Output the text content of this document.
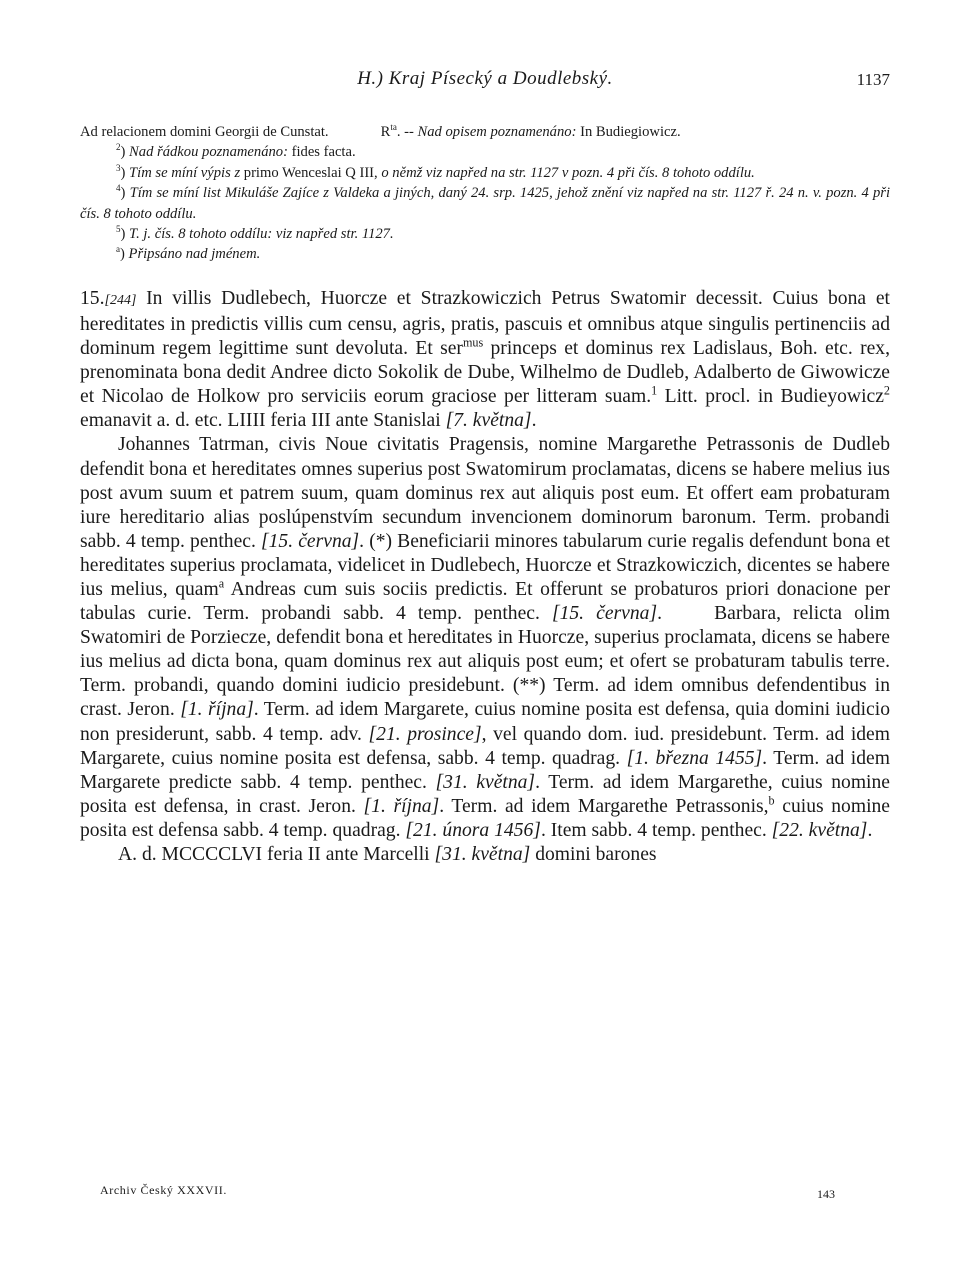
H.) Kraj Písecký a Doudlebský.	1137

Ad relacionem domini Georgii de Cunstat.	$R^{ta}$. -- Nad opisem poznamenáno: In Budiegiowicz.

$^2$) Nad řádkou poznamenáno: fides facta.

$^3$) Tím se míní výpis z primo Wenceslai Q III, o němž viz napřed na str. 1127 v pozn. 4 při čís. 8 tohoto oddílu.

$^4$) Tím se míní list Mikuláše Zajíce z Valdeka a jiných, daný 24. srp. 1425, jehož znění viz napřed na str. 1127 ř. 24 n. v. pozn. 4 při čís. 8 tohoto oddílu.

$^5$) T. j. čís. 8 tohoto oddílu: viz napřed str. 1127.

$^a$) Připsáno nad jménem.

15.[244] In villis Dudlebech, Huorcze et Strazkowiczich Petrus Swatomir decessit. Cuius bona et hereditates in predictis villis cum censu, agris, pratis, pascuis et omnibus atque singulis pertinenciis ad dominum regem legittime sunt devoluta. Et ser$^{mus}$ princeps et dominus rex Ladislaus, Boh. etc. rex, prenominata bona dedit Andree dicto Sokolik de Dube, Wilhelmo de Dudleb, Adalberto de Giwowicze et Nicolao de Holkow pro serviciis eorum graciose per litteram suam.$^1$ Litt. procl. in Budieyowicz$^2$ emanavit a. d. etc. LIIII feria III ante Stanislai [7. května].

Johannes Tatrman, civis Noue civitatis Pragensis, nomine Margarethe Petrassonis de Dudleb defendit bona et hereditates omnes superius post Swatomirum proclamatas, dicens se habere melius ius post avum suum et patrem suum, quam dominus rex aut aliquis post eum. Et offert eam probaturam iure hereditario alias poslúpenstvím secundum invencionem dominorum baronum. Term. probandi sabb. 4 temp. penthec. [15. června]. (*) Beneficiarii minores tabularum curie regalis defendunt bona et hereditates superius proclamata, videlicet in Dudlebech, Huorcze et Strazkowiczich, dicentes se habere ius melius, quam$^a$ Andreas cum suis sociis predictis. Et offerunt se probaturos priori donacione per tabulas curie. Term. probandi sabb. 4 temp. penthec. [15. června]. Barbara, relicta olim Swatomiri de Porziecze, defendit bona et hereditates in Huorcze, superius proclamata, dicens se habere ius melius ad dicta bona, quam dominus rex aut aliquis post eum; et ofert se probaturam tabulis terre. Term. probandi, quando domini iudicio presidebunt. (**) Term. ad idem omnibus defendentibus in crast. Jeron. [1. října]. Term. ad idem Margarete, cuius nomine posita est defensa, quia domini iudicio non presiderunt, sabb. 4 temp. adv. [21. prosince], vel quando dom. iud. presidebunt. Term. ad idem Margarete, cuius nomine posita est defensa, sabb. 4 temp. quadrag. [1. března 1455]. Term. ad idem Margarete predicte sabb. 4 temp. penthec. [31. května]. Term. ad idem Margarethe, cuius nomine posita est defensa, in crast. Jeron. [1. října]. Term. ad idem Margarethe Petrassonis,$^b$ cuius nomine posita est defensa sabb. 4 temp. quadrag. [21. února 1456]. Item sabb. 4 temp. penthec. [22. května].

A. d. MCCCCLVI feria II ante Marcelli [31. května] domini barones

Archiv Český XXXVII.	143
